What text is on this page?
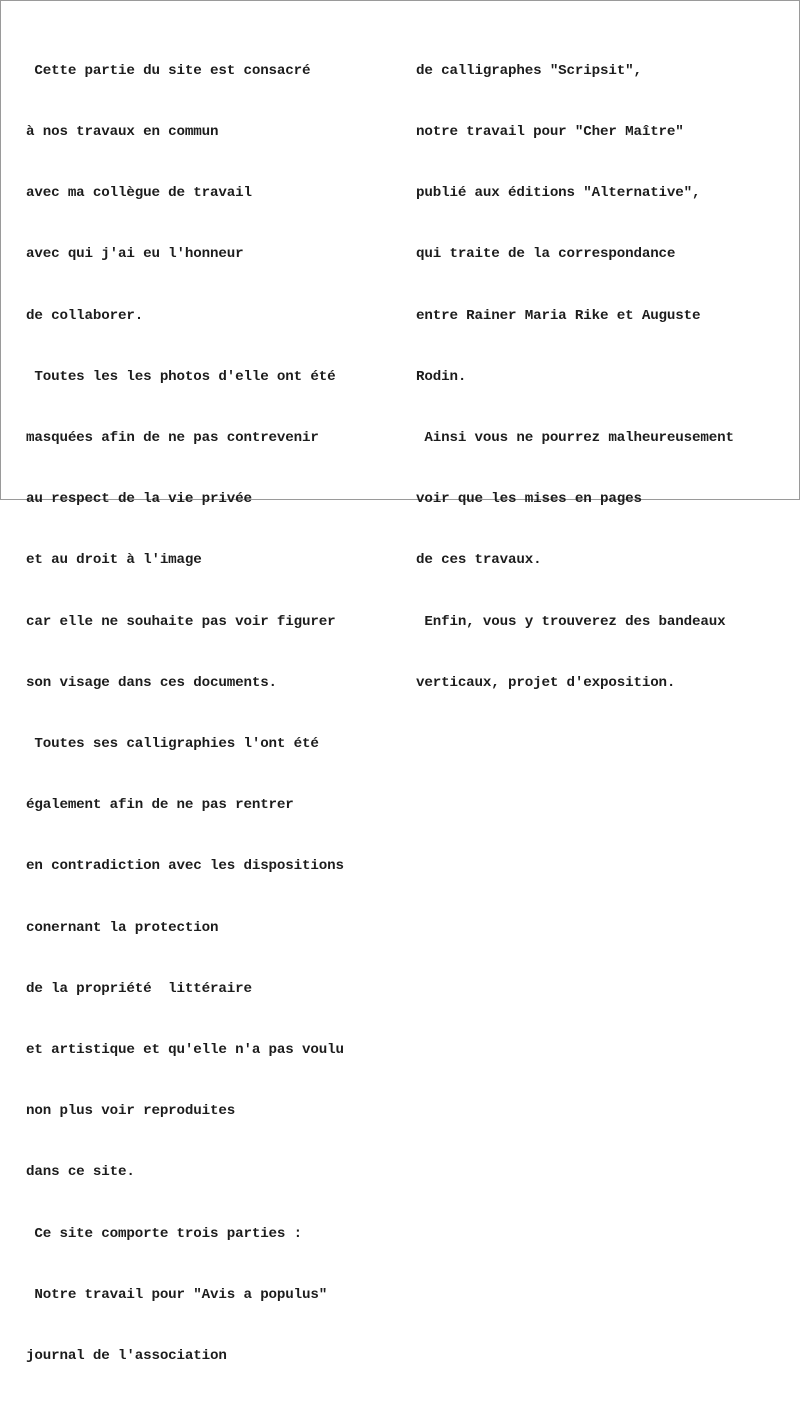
Cette partie du site est consacré

à nos travaux en commun

avec ma collègue de travail

avec qui j'ai eu l'honneur

de collaborer.

Toutes les les photos d'elle ont été

masquées afin de ne pas contrevenir

au respect de la vie privée

et au droit à l'image

car elle ne souhaite pas voir figurer

son visage dans ces documents.

Toutes ses calligraphies l'ont été

également afin de ne pas rentrer

en contradiction avec les dispositions

conernant la protection

de la propriété  littéraire

et artistique et qu'elle n'a pas voulu

non plus voir reproduites

dans ce site.

Ce site comporte trois parties :

Notre travail pour "Avis a populus"

journal de l'association

de calligraphes "Scripsit",

notre travail pour "Cher Maître"

publié aux éditions "Alternative",

qui traite de la correspondance

entre Rainer Maria Rike et Auguste

Rodin.

Ainsi vous ne pourrez malheureusement

voir que les mises en pages

de ces travaux.

Enfin, vous y trouverez des bandeaux

verticaux, projet d'exposition.
